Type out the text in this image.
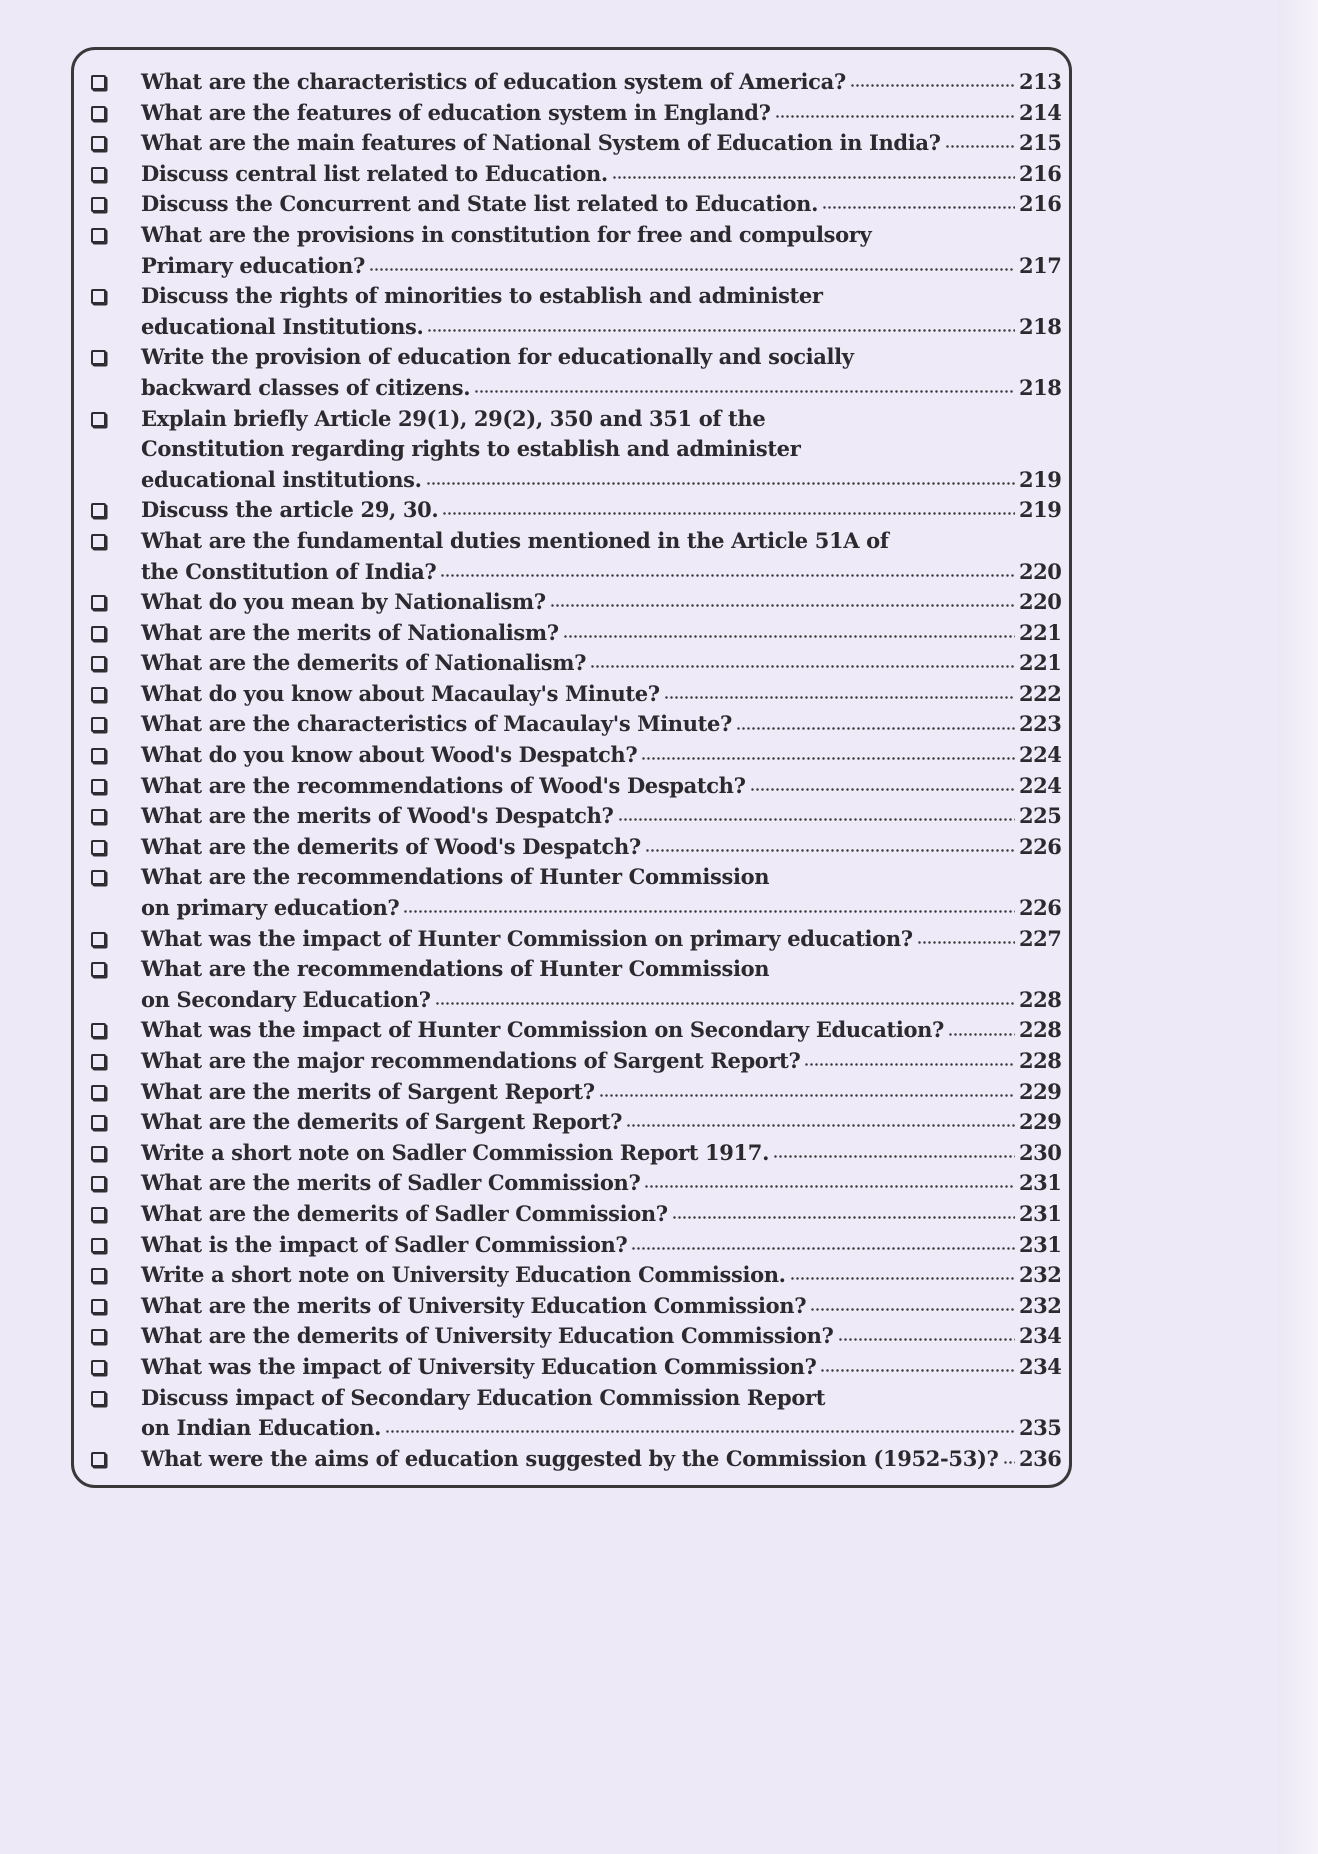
What are the characteristics of education system of America?	213
What are the features of education system in England?	214
What are the main features of National System of Education in India?	215
Discuss central list related to Education.	216
Discuss the Concurrent and State list related to Education.	216
What are the provisions in constitution for free and compulsory
Primary education?	217
Discuss the rights of minorities to establish and administer
educational Institutions.	218
Write the provision of education for educationally and socially
backward classes of citizens.	218
Explain briefly Article 29(1), 29(2), 350 and 351 of the
Constitution regarding rights to establish and administer
educational institutions.	219
Discuss the article 29, 30.	219
What are the fundamental duties mentioned in the Article 51A of
the Constitution of India?	220
What do you mean by Nationalism?	220
What are the merits of Nationalism?	221
What are the demerits of Nationalism?	221
What do you know about Macaulay's Minute?	222
What are the characteristics of Macaulay's Minute?	223
What do you know about Wood's Despatch?	224
What are the recommendations of Wood's Despatch?	224
What are the merits of Wood's Despatch?	225
What are the demerits of Wood's Despatch?	226
What are the recommendations of Hunter Commission
on primary education?	226
What was the impact of Hunter Commission on primary education?	227
What are the recommendations of Hunter Commission
on Secondary Education?	228
What was the impact of Hunter Commission on Secondary Education?	228
What are the major recommendations of Sargent Report?	228
What are the merits of Sargent Report?	229
What are the demerits of Sargent Report?	229
Write a short note on Sadler Commission Report 1917.	230
What are the merits of Sadler Commission?	231
What are the demerits of Sadler Commission?	231
What is the impact of Sadler Commission?	231
Write a short note on University Education Commission.	232
What are the merits of University Education Commission?	232
What are the demerits of University Education Commission?	234
What was the impact of University Education Commission?	234
Discuss impact of Secondary Education Commission Report
on Indian Education.	235
What were the aims of education suggested by the Commission (1952-53)? 236
